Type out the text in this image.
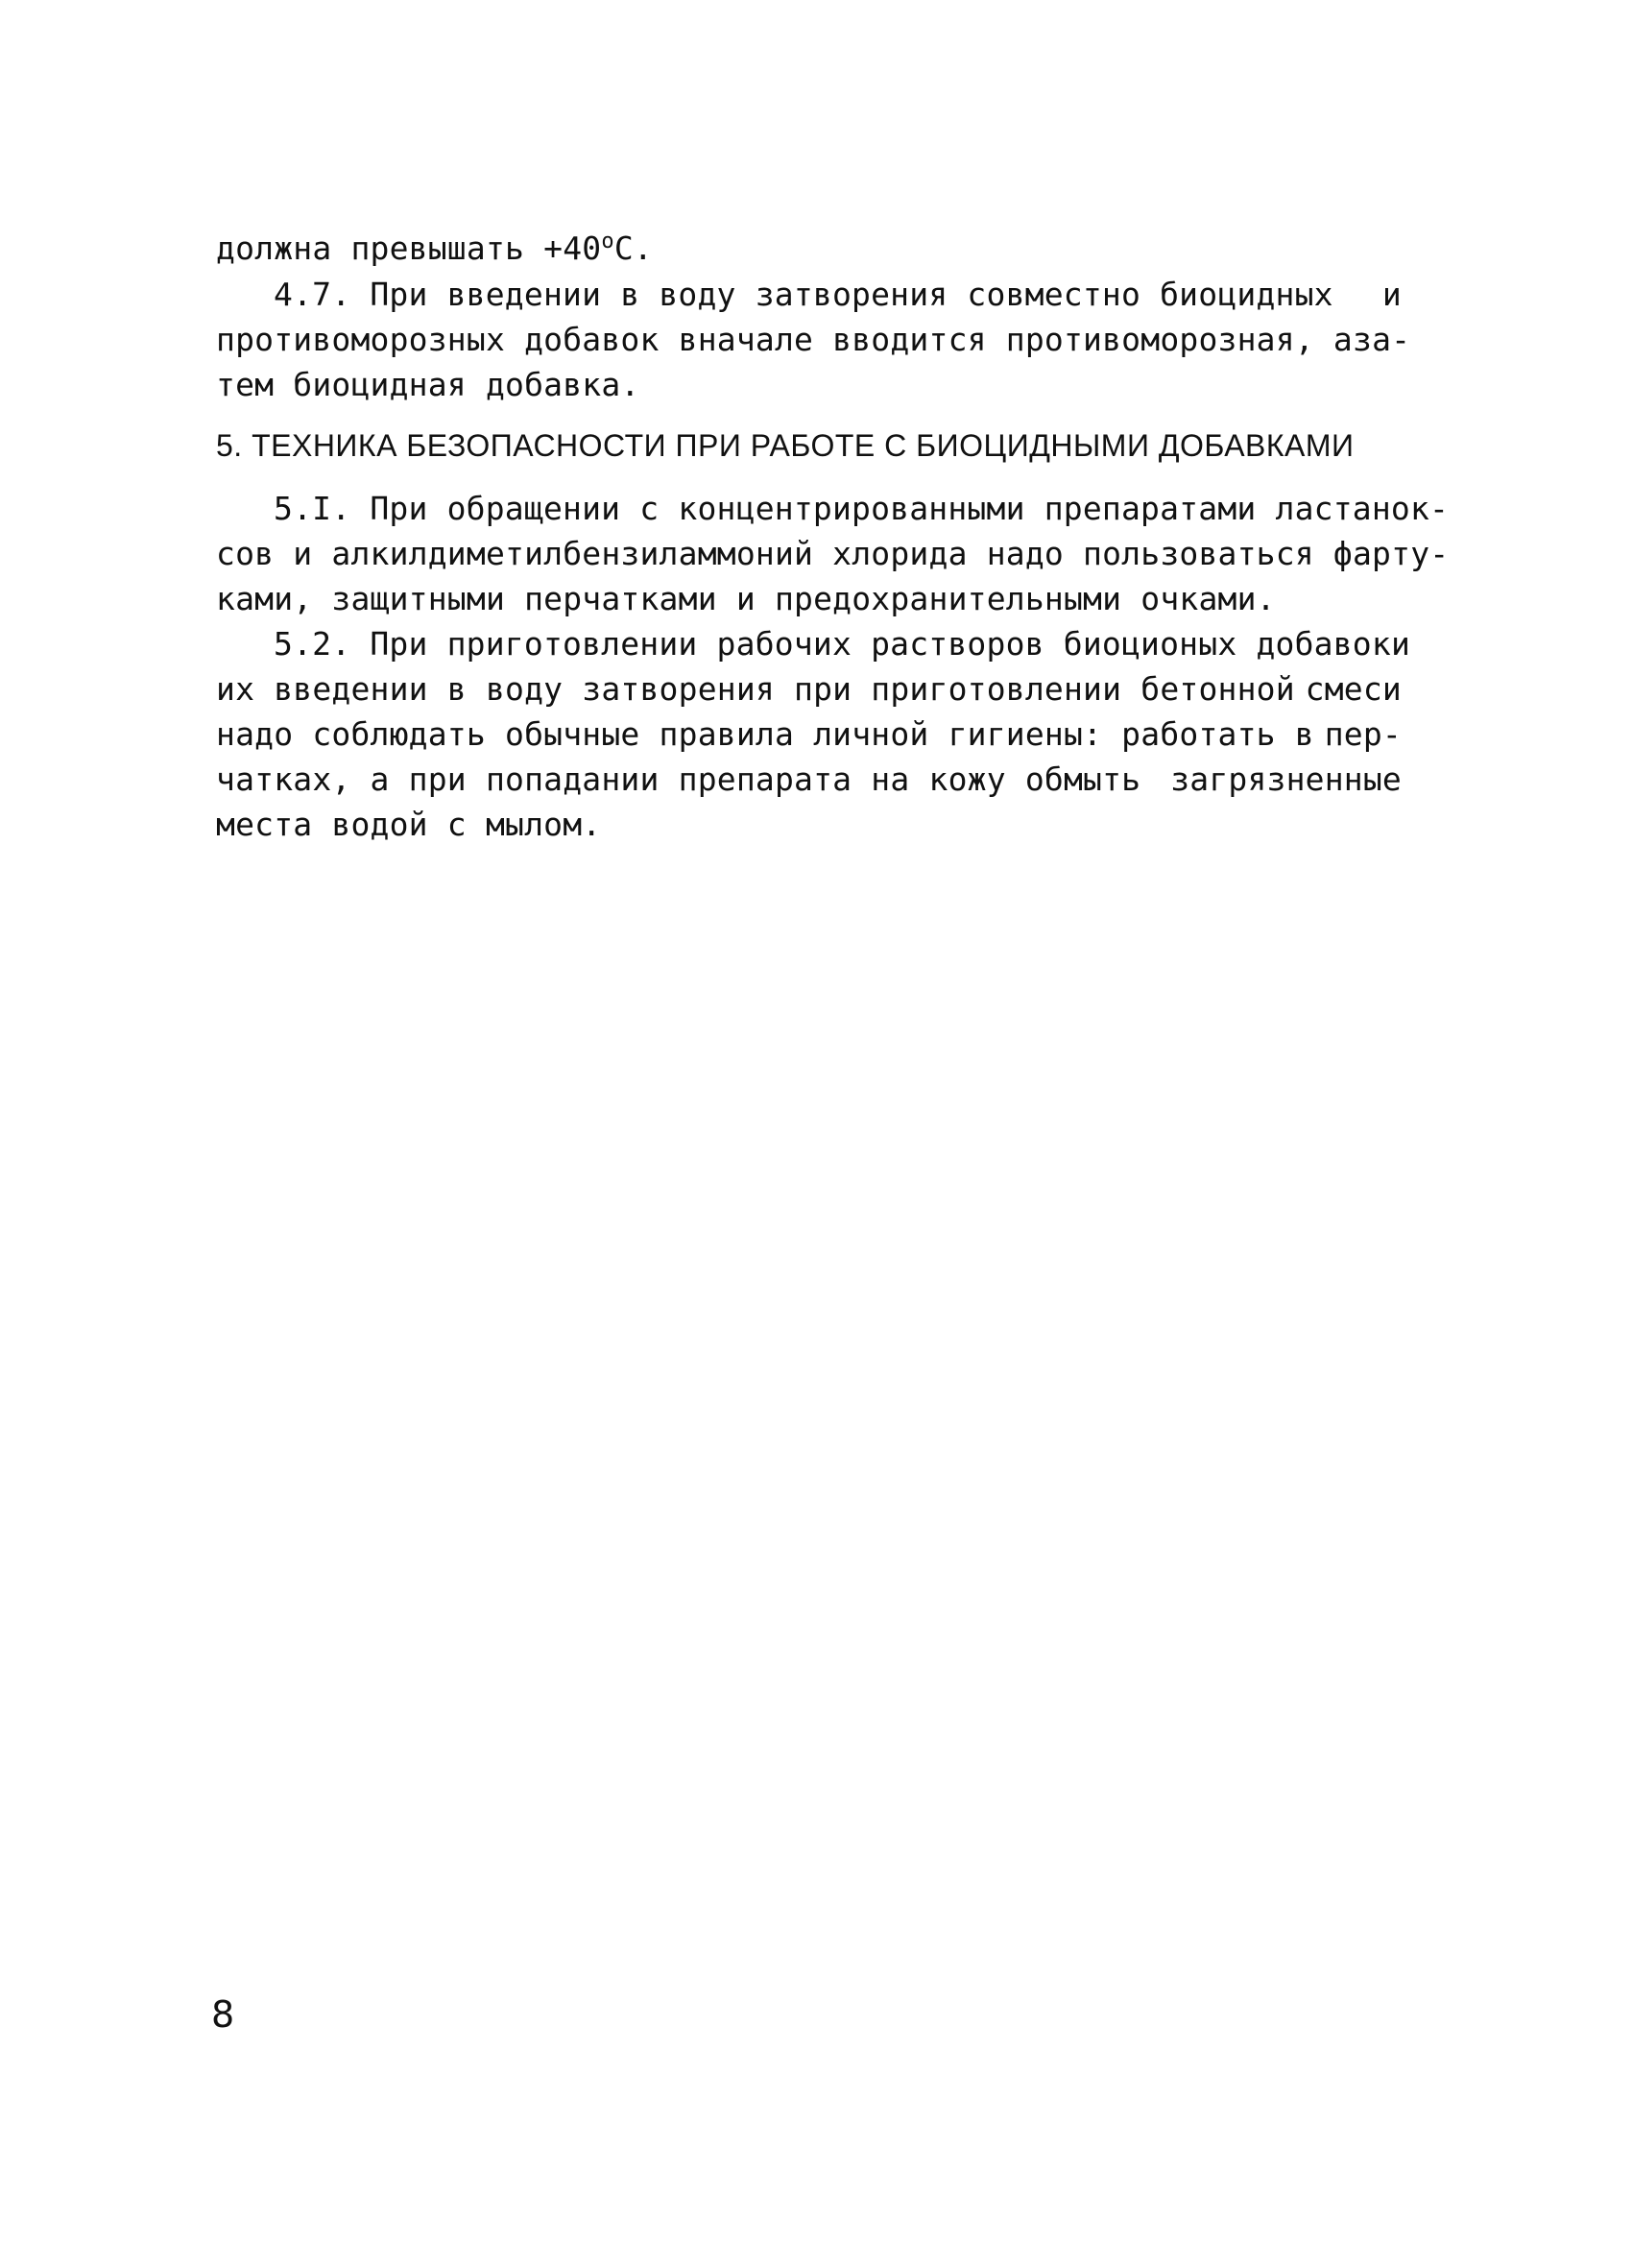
должна превышать $+40^оС$.
4.7. При введении в воду затворения совместно биоцидных и
противоморозных добавок вначале вводится противоморозная, а за-
тем биоцидная добавка.
5. ТЕХНИКА БЕЗОПАСНОСТИ ПРИ РАБОТЕ С БИОЦИДНЫМИ ДОБАВКАМИ
5.I. При обращении с концентрированными препаратами ластанок-
сов и алкилдиметилбензиламмоний хлорида надо пользоваться фарту-
ками, защитными перчатками и предохранительными очками.
5.2. При приготовлении рабочих растворов биоционых добавок и
их введении в воду затворения при приготовлении бетонной смеси
надо соблюдать обычные правила личной гигиены: работать в пер-
чатках, а при попадании препарата на кожу обмыть загрязненные
места водой с мылом.
8
